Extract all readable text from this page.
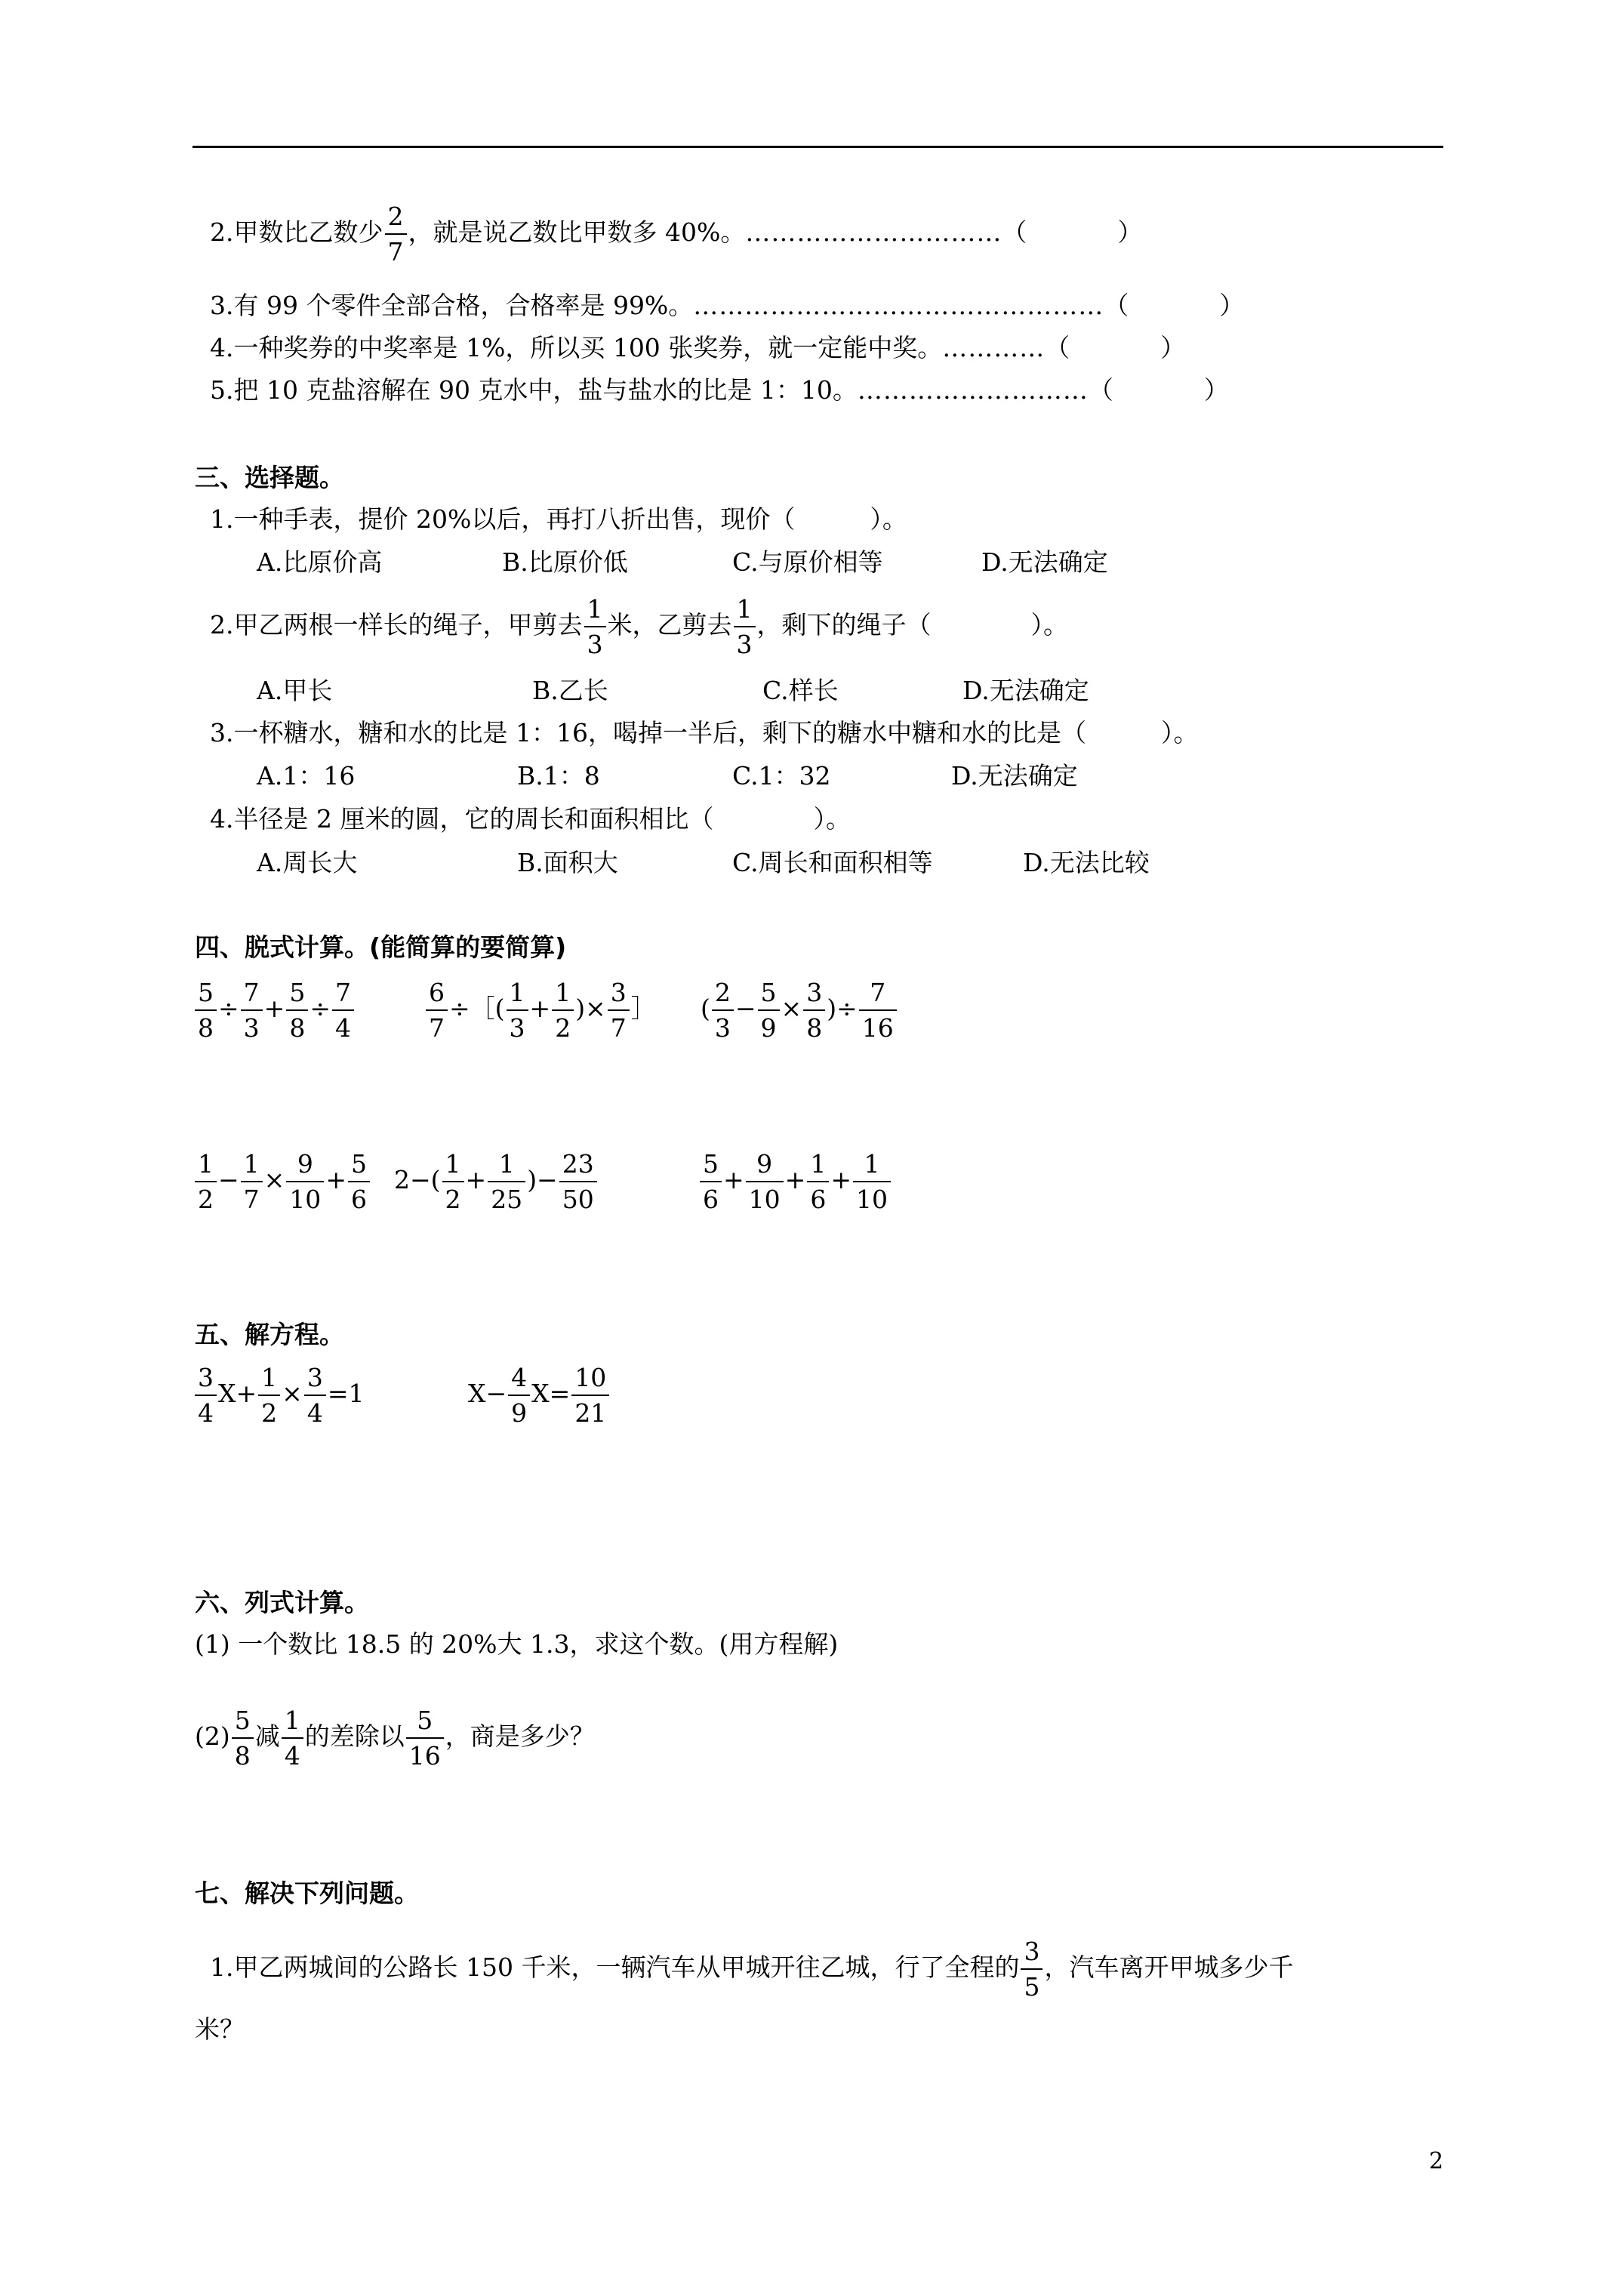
2.甲数比乙数少 $\frac{2}{7}$ ，就是说乙数比甲数多 40%。…………………………（	）
3.有 99 个零件全部合格，合格率是 99%。…………………………………………（	）
4.一种奖券的中奖率是 1%，所以买 100 张奖券，就一定能中奖。…………（	）
5.把 10 克盐溶解在 90 克水中，盐与盐水的比是 1：10。………………………（	）
三、选择题。
1.一种手表，提价 20%以后，再打八折出售，现价（　　　）。
A.比原价高	B.比原价低	C.与原价相等	D.无法确定
2.甲乙两根一样长的绳子，甲剪去 $\frac{1}{3}$ 米，乙剪去 $\frac{1}{3}$ ，剩下的绳子（　　　　）。
A.甲长	B.乙长	C.样长	D.无法确定
3.一杯糖水，糖和水的比是 1：16，喝掉一半后，剩下的糖水中糖和水的比是（　　　）。
A.1：16	B.1：8	C.1：32	D.无法确定
4.半径是 2 厘米的圆，它的周长和面积相比（　　　　）。
A.周长大	B.面积大	C.周长和面积相等	D.无法比较
四、脱式计算。(能简算的要简算)
$\frac{5}{8} \div \frac{7}{3} + \frac{5}{8} \div \frac{7}{4}$	$\frac{6}{7}$ ÷［( $\frac{1}{3} + \frac{1}{2}$ )× $\frac{3}{7}$ ］ ( $\frac{2}{3} - \frac{5}{9} \times \frac{3}{8}$ )÷ $\frac{7}{16}$
$\frac{1}{2} - \frac{1}{7} \times \frac{9}{10} + \frac{5}{6} 2-( \frac{1}{2} + \frac{1}{25}$ )− $\frac{23}{50}$	$\frac{5}{6} + \frac{9}{10} + \frac{1}{6} + \frac{1}{10}$
五、解方程。
$\frac{3}{4} X+ \frac{1}{2} \times \frac{3}{4} =1$	$X- \frac{4}{9} X= \frac{10}{21}$
六、列式计算。
(1) 一个数比 18.5 的 20%大 1.3，求这个数。(用方程解)
$(2) \frac{5}{8}$ 减 $\frac{1}{4}$ 的差除以 $\frac{5}{16}$ ，商是多少？
七、解决下列问题。
1.甲乙两城间的公路长 150 千米，一辆汽车从甲城开往乙城，行了全程的 $\frac{3}{5}$ ，汽车离开甲城多少千
米？
2
